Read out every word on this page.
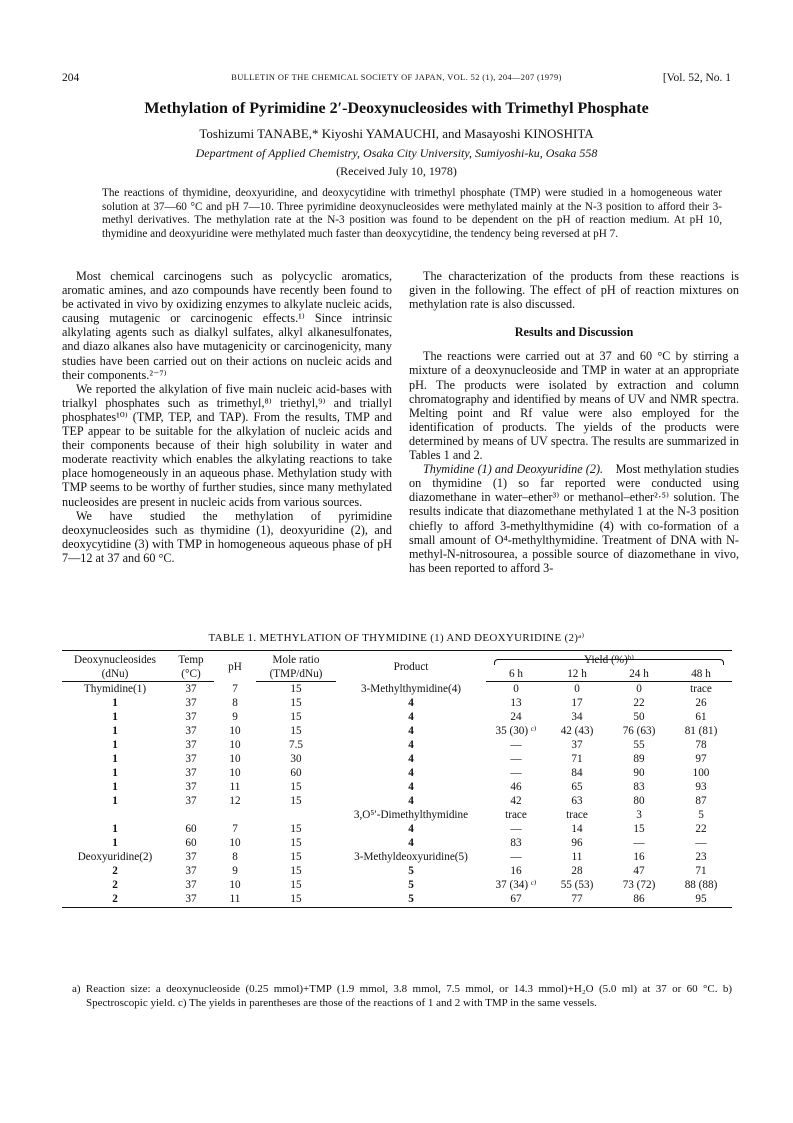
204	BULLETIN OF THE CHEMICAL SOCIETY OF JAPAN, VOL. 52 (1), 204—207 (1979)	[Vol. 52, No. 1
Methylation of Pyrimidine 2′-Deoxynucleosides with Trimethyl Phosphate
Toshizumi TANABE,* Kiyoshi YAMAUCHI, and Masayoshi KINOSHITA
Department of Applied Chemistry, Osaka City University, Sumiyoshi-ku, Osaka 558
(Received July 10, 1978)
The reactions of thymidine, deoxyuridine, and deoxycytidine with trimethyl phosphate (TMP) were studied in a homogeneous water solution at 37—60 °C and pH 7—10. Three pyrimidine deoxynucleosides were methylated mainly at the N-3 position to afford their 3-methyl derivatives. The methylation rate at the N-3 position was found to be dependent on the pH of reaction medium. At pH 10, thymidine and deoxyuridine were methylated much faster than deoxycytidine, the tendency being reversed at pH 7.

Most chemical carcinogens such as polycyclic aromatics, aromatic amines, and azo compounds have recently been found to be activated in vivo by oxidizing enzymes to alkylate nucleic acids, causing mutagenic or carcinogenic effects.¹⁾ Since intrinsic alkylating agents such as dialkyl sulfates, alkyl alkanesulfonates, and diazo alkanes also have mutagenicity or carcinogenicity, many studies have been carried out on their actions on nucleic acids and their components.²⁻⁷⁾

We reported the alkylation of five main nucleic acid-bases with trialkyl phosphates such as trimethyl,⁸⁾ triethyl,⁹⁾ and triallyl phosphates¹⁰⁾ (TMP, TEP, and TAP). From the results, TMP and TEP appear to be suitable for the alkylation of nucleic acids and their components because of their high solubility in water and moderate reactivity which enables the alkylating reactions to take place homogeneously in an aqueous phase. Methylation study with TMP seems to be worthy of further studies, since many methylated nucleosides are present in nucleic acids from various sources.

We have studied the methylation of pyrimidine deoxynucleosides such as thymidine (1), deoxyuridine (2), and deoxycytidine (3) with TMP in homogeneous aqueous phase of pH 7—12 at 37 and 60 °C.

The characterization of the products from these reactions is given in the following. The effect of pH of reaction mixtures on methylation rate is also discussed.

Results and Discussion

The reactions were carried out at 37 and 60 °C by stirring a mixture of a deoxynucleoside and TMP in water at an appropriate pH. The products were isolated by extraction and column chromatography and identified by means of UV and NMR spectra. Melting point and Rf value were also employed for the identification of products. The yields of the products were determined by means of UV spectra. The results are summarized in Tables 1 and 2.

Thymidine (1) and Deoxyuridine (2). Most methylation studies on thymidine (1) so far reported were conducted using diazomethane in water–ether³⁾ or methanol–ether²·⁵⁾ solution. The results indicate that diazomethane methylated 1 at the N-3 position chiefly to afford 3-methylthymidine (4) with co-formation of a small amount of O⁴-methylthymidine. Treatment of DNA with N-methyl-N-nitrosourea, a possible source of diazomethane in vivo, has been reported to afford 3-

TABLE 1. METHYLATION OF THYMIDINE (1) AND DEOXYURIDINE (2)ᵃ⁾
Deoxynucleosides	Temp	pH	Mole ratio	Product	Yield (%)ᵇ⁾			

(dNu)	(°C)		(TMP/dNu)		6 h	12 h	24 h	48 h
Thymidine(1)	37	7	15	3-Methylthymidine(4)	0	0	0	trace
1	37	8	15	4	13	17	22	26
1	37	9	15	4	24	34	50	61
1	37	10	15	4	35 (30) ᶜ⁾	42 (43)	76 (63)	81 (81)
1	37	10	7.5	4	—	37	55	78
1	37	10	30	4	—	71	89	97
1	37	10	60	4	—	84	90	100
1	37	11	15	4	46	65	83	93
1	37	12	15	4	42	63	80	87
				3,O⁵′-Dimethylthymidine	trace	trace	3	5
1	60	7	15	4	—	14	15	22
1	60	10	15	4	83	96	—	—
Deoxyuridine(2)	37	8	15	3-Methyldeoxyuridine(5)	—	11	16	23
2	37	9	15	5	16	28	47	71
2	37	10	15	5	37 (34) ᶜ⁾	55 (53)	73 (72)	88 (88)
2	37	11	15	5	67	77	86	95
a) Reaction size: a deoxynucleoside (0.25 mmol)+TMP (1.9 mmol, 3.8 mmol, 7.5 mmol, or 14.3 mmol)+H₂O (5.0 ml) at 37 or 60 °C. b) Spectroscopic yield. c) The yields in parentheses are those of the reactions of 1 and 2 with TMP in the same vessels.
